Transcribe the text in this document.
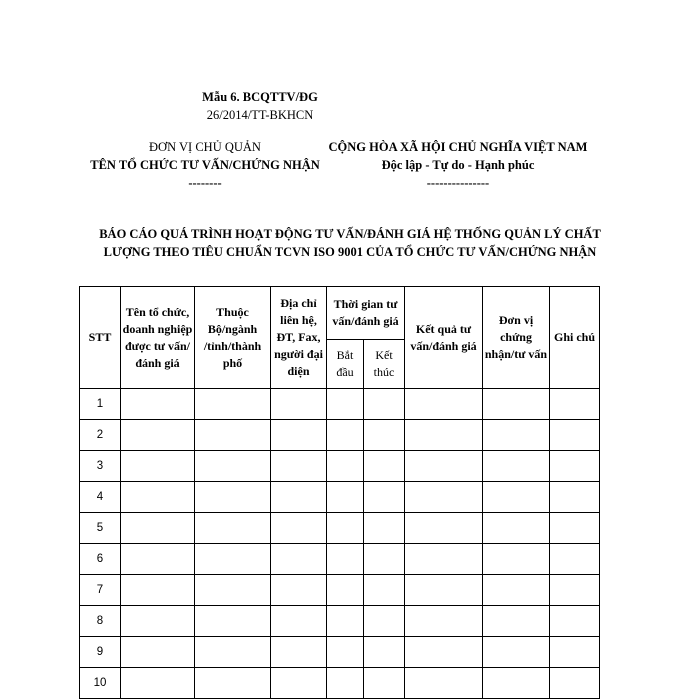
Mẫu 6. BCQTTV/ĐG
26/2014/TT-BKHCN
ĐƠN VỊ CHỦ QUẢN
TÊN TỔ CHỨC TƯ VẤN/CHỨNG NHẬN
--------
CỘNG HÒA XÃ HỘI CHỦ NGHĨA VIỆT NAM
Độc lập - Tự do - Hạnh phúc
---------------
BÁO CÁO QUÁ TRÌNH HOẠT ĐỘNG TƯ VẤN/ĐÁNH GIÁ HỆ THỐNG QUẢN LÝ CHẤT LƯỢNG THEO TIÊU CHUẨN TCVN ISO 9001 CỦA TỔ CHỨC TƯ VẤN/CHỨNG NHẬN
STT	Tên tổ chức, doanh nghiệp được tư vấn/ đánh giá	Thuộc Bộ/ngành /tỉnh/thành phố	Địa chỉ liên hệ, ĐT, Fax, người đại diện	Thời gian tư vấn/đánh giá		Kết quả tư vấn/đánh giá	Đơn vị chứng nhận/tư vấn	Ghi chú
				Bắt đầu	Kết thúc			
1								
2								
3								
4								
5								
6								
7								
8								
9								
10								
